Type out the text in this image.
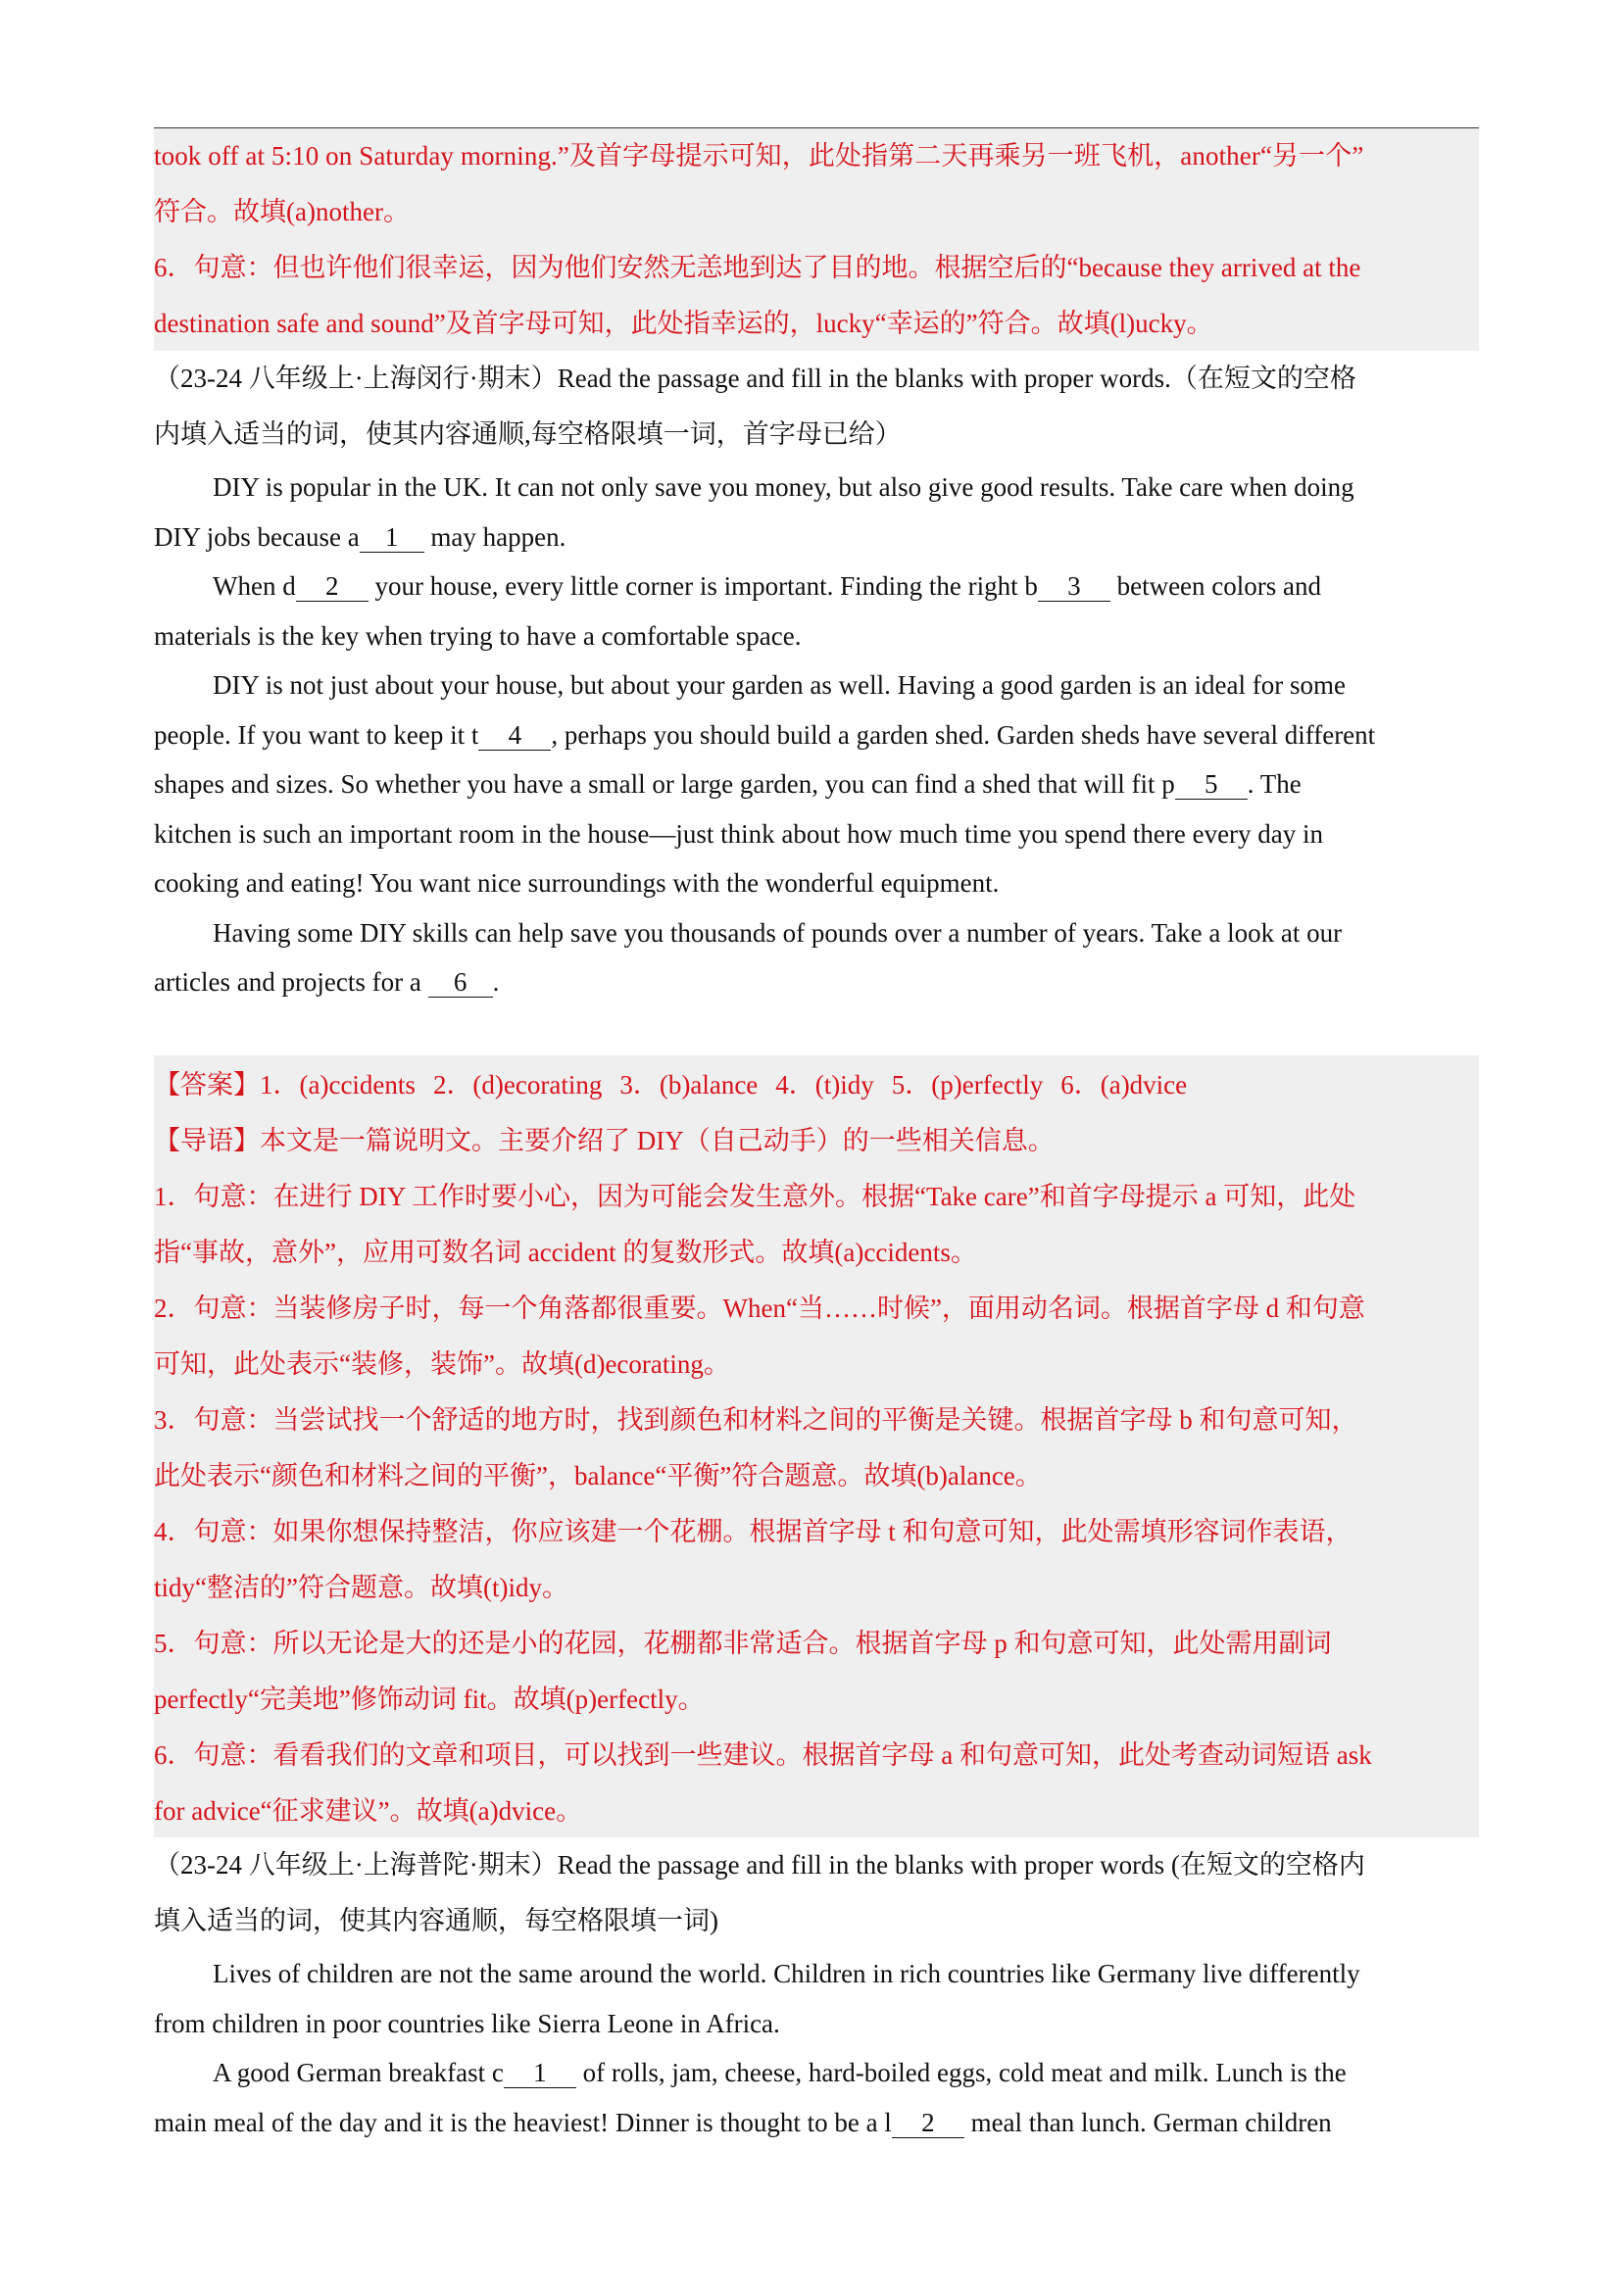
took off at 5:10 on Saturday morning.”及首字母提示可知，此处指第二天再乘另一班飞机，another“另一个”
符合。故填(a)nother。
6．句意：但也许他们很幸运，因为他们安然无恙地到达了目的地。根据空后的“because they arrived at the
destination safe and sound”及首字母可知，此处指幸运的，lucky“幸运的”符合。故填(l)ucky。
（23-24 八年级上·上海闵行·期末）Read the passage and fill in the blanks with proper words.（在短文的空格
内填入适当的词，使其内容通顺,每空格限填一词，首字母已给）
DIY is popular in the UK. It can not only save you money, but also give good results. Take care when doing
DIY jobs because a 1 may happen.
When d 2 your house, every little corner is important. Finding the right b 3 between colors and
materials is the key when trying to have a comfortable space.
DIY is not just about your house, but about your garden as well. Having a good garden is an ideal for some
people. If you want to keep it t 4 , perhaps you should build a garden shed. Garden sheds have several different
shapes and sizes. So whether you have a small or large garden, you can find a shed that will fit p 5 . The
kitchen is such an important room in the house—just think about how much time you spend there every day in
cooking and eating! You want nice surroundings with the wonderful equipment.
Having some DIY skills can help save you thousands of pounds over a number of years. Take a look at our
articles and projects for a 6 .
【答案】1．(a)ccidents 2．(d)ecorating 3．(b)alance 4．(t)idy 5．(p)erfectly 6．(a)dvice
【导语】本文是一篇说明文。主要介绍了 DIY（自己动手）的一些相关信息。
1．句意：在进行 DIY 工作时要小心，因为可能会发生意外。根据“Take care”和首字母提示 a 可知，此处
指“事故，意外”，应用可数名词 accident 的复数形式。故填(a)ccidents。
2．句意：当装修房子时，每一个角落都很重要。When“当……时候”，面用动名词。根据首字母 d 和句意
可知，此处表示“装修，装饰”。故填(d)ecorating。
3．句意：当尝试找一个舒适的地方时，找到颜色和材料之间的平衡是关键。根据首字母 b 和句意可知，
此处表示“颜色和材料之间的平衡”，balance“平衡”符合题意。故填(b)alance。
4．句意：如果你想保持整洁，你应该建一个花棚。根据首字母 t 和句意可知，此处需填形容词作表语，
tidy“整洁的”符合题意。故填(t)idy。
5．句意：所以无论是大的还是小的花园，花棚都非常适合。根据首字母 p 和句意可知，此处需用副词
perfectly“完美地”修饰动词 fit。故填(p)erfectly。
6．句意：看看我们的文章和项目，可以找到一些建议。根据首字母 a 和句意可知，此处考查动词短语 ask
for advice“征求建议”。故填(a)dvice。
（23-24 八年级上·上海普陀·期末）Read the passage and fill in the blanks with proper words (在短文的空格内
填入适当的词，使其内容通顺，每空格限填一词)
Lives of children are not the same around the world. Children in rich countries like Germany live differently
from children in poor countries like Sierra Leone in Africa.
A good German breakfast c 1 of rolls, jam, cheese, hard-boiled eggs, cold meat and milk. Lunch is the
main meal of the day and it is the heaviest! Dinner is thought to be a l 2 meal than lunch. German children
